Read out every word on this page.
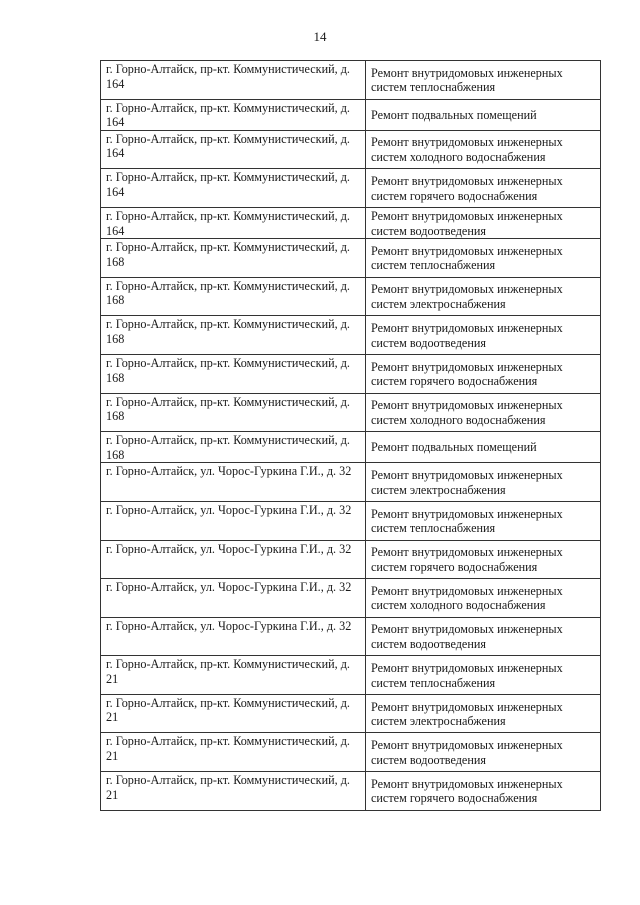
14
г. Горно-Алтайск, пр-кт. Коммунистический, д. 164	Ремонт внутридомовых инженерных систем теплоснабжения
г. Горно-Алтайск, пр-кт. Коммунистический, д. 164	Ремонт подвальных помещений
г. Горно-Алтайск, пр-кт. Коммунистический, д. 164	Ремонт внутридомовых инженерных систем холодного водоснабжения
г. Горно-Алтайск, пр-кт. Коммунистический, д. 164	Ремонт внутридомовых инженерных систем горячего водоснабжения
г. Горно-Алтайск, пр-кт. Коммунистический, д. 164	Ремонт внутридомовых инженерных систем водоотведения
г. Горно-Алтайск, пр-кт. Коммунистический, д. 168	Ремонт внутридомовых инженерных систем теплоснабжения
г. Горно-Алтайск, пр-кт. Коммунистический, д. 168	Ремонт внутридомовых инженерных систем электроснабжения
г. Горно-Алтайск, пр-кт. Коммунистический, д. 168	Ремонт внутридомовых инженерных систем водоотведения
г. Горно-Алтайск, пр-кт. Коммунистический, д. 168	Ремонт внутридомовых инженерных систем горячего водоснабжения
г. Горно-Алтайск, пр-кт. Коммунистический, д. 168	Ремонт внутридомовых инженерных систем холодного водоснабжения
г. Горно-Алтайск, пр-кт. Коммунистический, д. 168	Ремонт подвальных помещений
г. Горно-Алтайск, ул. Чорос-Гуркина Г.И., д. 32	Ремонт внутридомовых инженерных систем электроснабжения
г. Горно-Алтайск, ул. Чорос-Гуркина Г.И., д. 32	Ремонт внутридомовых инженерных систем теплоснабжения
г. Горно-Алтайск, ул. Чорос-Гуркина Г.И., д. 32	Ремонт внутридомовых инженерных систем горячего водоснабжения
г. Горно-Алтайск, ул. Чорос-Гуркина Г.И., д. 32	Ремонт внутридомовых инженерных систем холодного водоснабжения
г. Горно-Алтайск, ул. Чорос-Гуркина Г.И., д. 32	Ремонт внутридомовых инженерных систем водоотведения
г. Горно-Алтайск, пр-кт. Коммунистический, д. 21	Ремонт внутридомовых инженерных систем теплоснабжения
г. Горно-Алтайск, пр-кт. Коммунистический, д. 21	Ремонт внутридомовых инженерных систем электроснабжения
г. Горно-Алтайск, пр-кт. Коммунистический, д. 21	Ремонт внутридомовых инженерных систем водоотведения
г. Горно-Алтайск, пр-кт. Коммунистический, д. 21	Ремонт внутридомовых инженерных систем горячего водоснабжения
